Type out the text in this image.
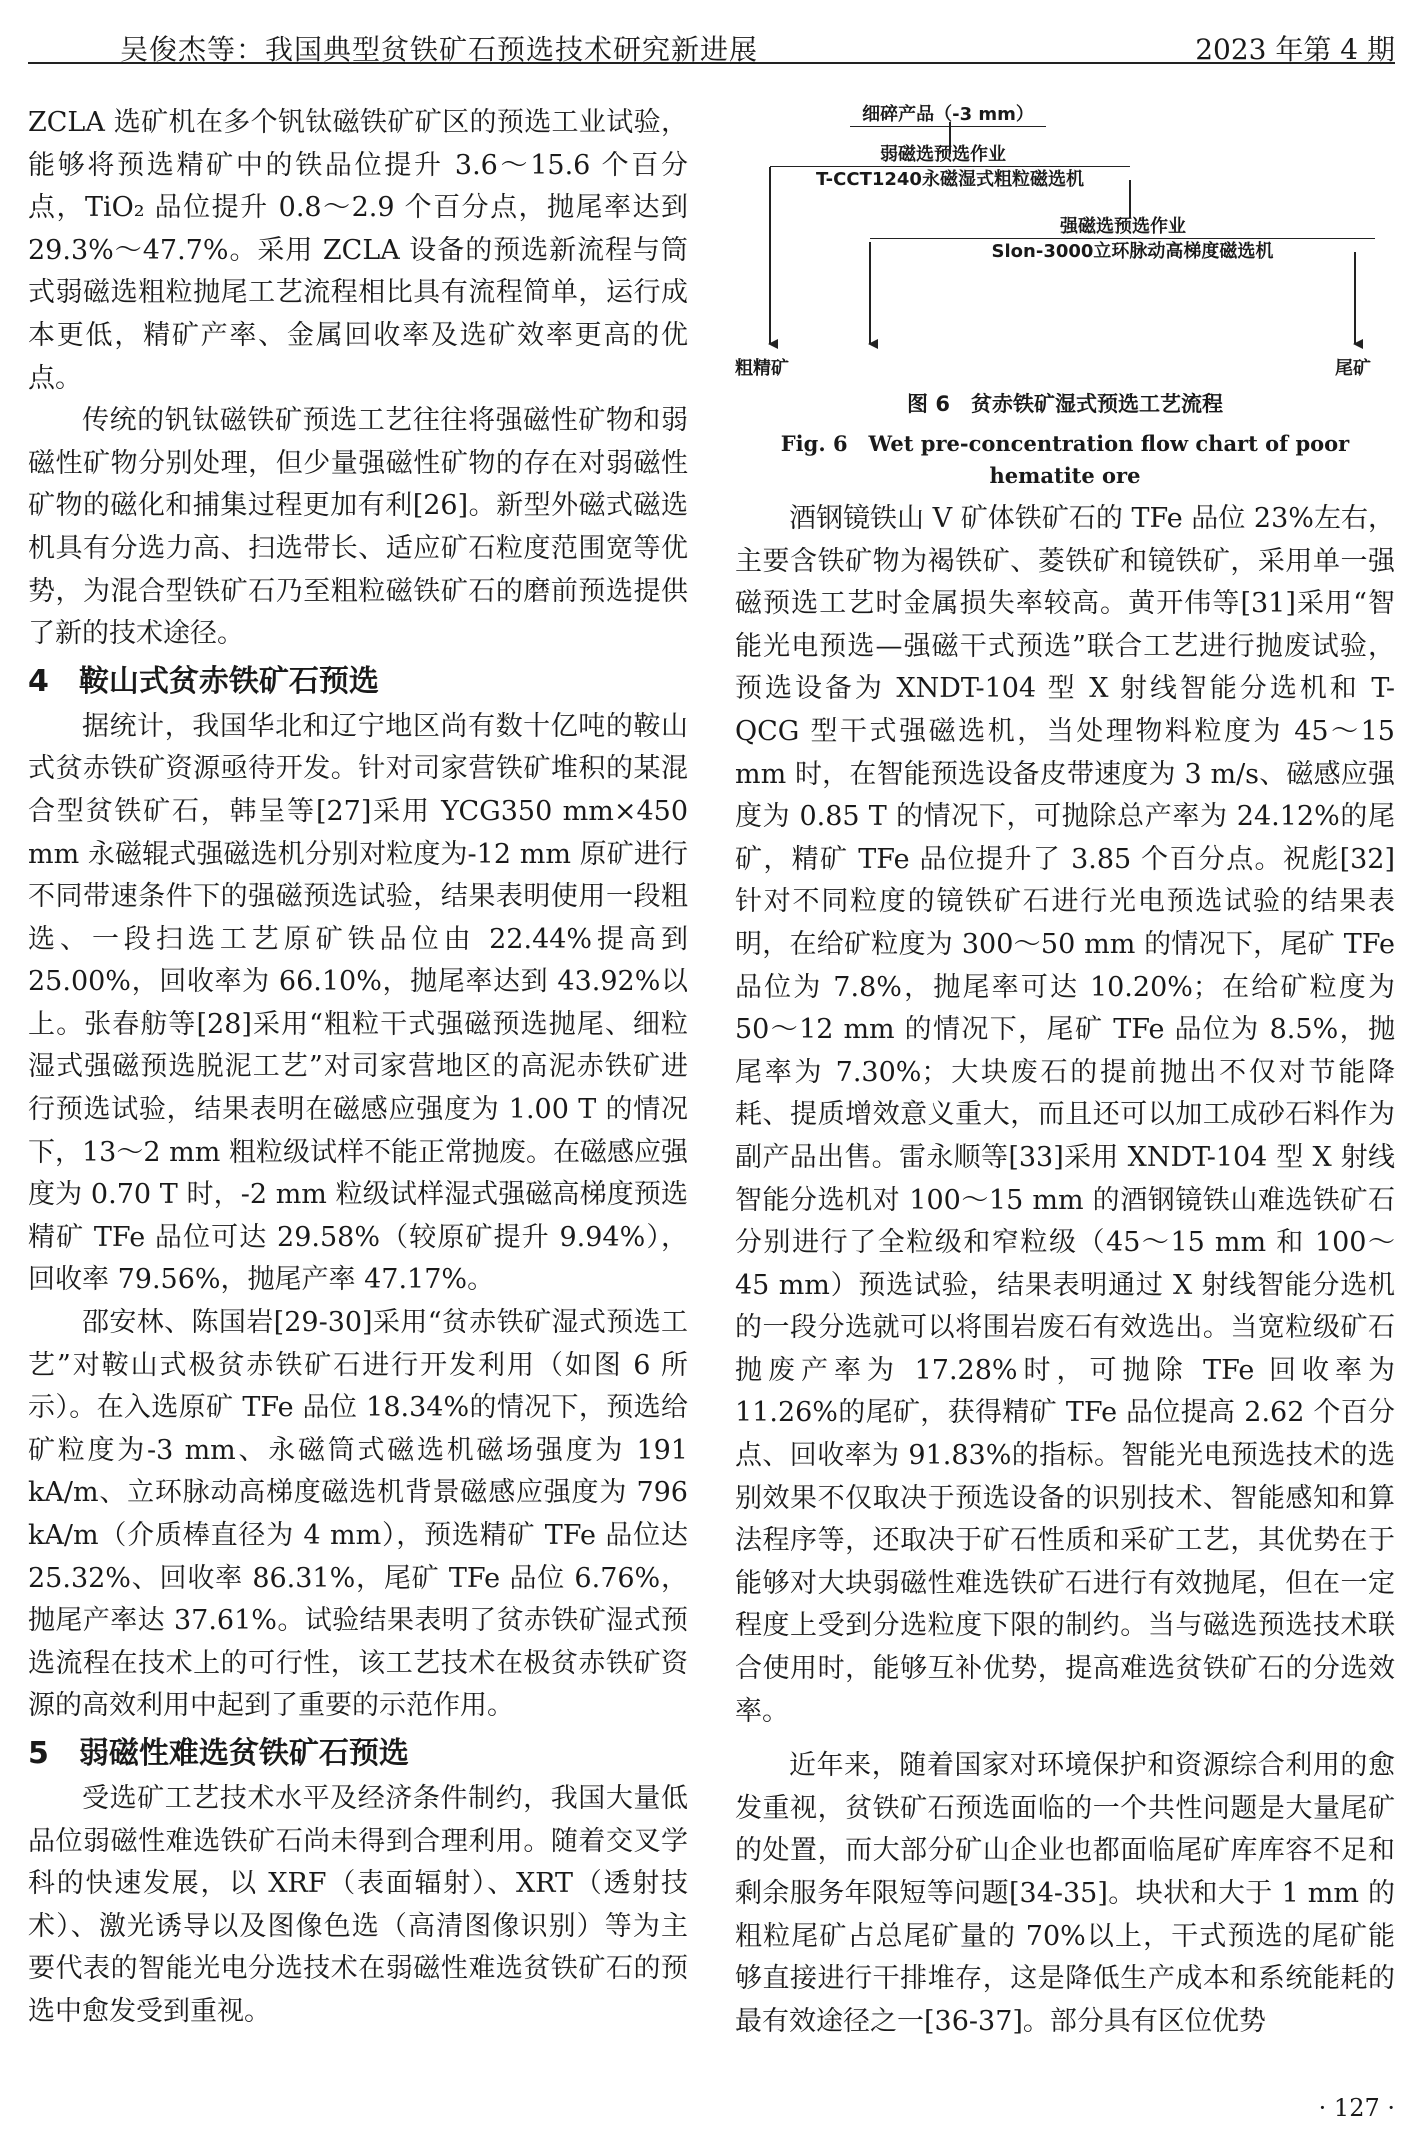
吴俊杰等：我国典型贫铁矿石预选技术研究新进展	2023 年第 4 期

ZCLA 选矿机在多个钒钛磁铁矿矿区的预选工业试验，能够将预选精矿中的铁品位提升 3.6～15.6 个百分点，TiO₂ 品位提升 0.8～2.9 个百分点，抛尾率达到 29.3%～47.7%。采用 ZCLA 设备的预选新流程与筒式弱磁选粗粒抛尾工艺流程相比具有流程简单，运行成本更低，精矿产率、金属回收率及选矿效率更高的优点。

传统的钒钛磁铁矿预选工艺往往将强磁性矿物和弱磁性矿物分别处理，但少量强磁性矿物的存在对弱磁性矿物的磁化和捕集过程更加有利[26]。新型外磁式磁选机具有分选力高、扫选带长、适应矿石粒度范围宽等优势，为混合型铁矿石乃至粗粒磁铁矿石的磨前预选提供了新的技术途径。

4　鞍山式贫赤铁矿石预选

据统计，我国华北和辽宁地区尚有数十亿吨的鞍山式贫赤铁矿资源亟待开发。针对司家营铁矿堆积的某混合型贫铁矿石，韩呈等[27]采用 YCG350 mm×450 mm 永磁辊式强磁选机分别对粒度为-12 mm 原矿进行不同带速条件下的强磁预选试验，结果表明使用一段粗选、一段扫选工艺原矿铁品位由 22.44%提高到 25.00%，回收率为 66.10%，抛尾率达到 43.92%以上。张春舫等[28]采用“粗粒干式强磁预选抛尾、细粒湿式强磁预选脱泥工艺”对司家营地区的高泥赤铁矿进行预选试验，结果表明在磁感应强度为 1.00 T 的情况下，13～2 mm 粗粒级试样不能正常抛废。在磁感应强度为 0.70 T 时，-2 mm 粒级试样湿式强磁高梯度预选精矿 TFe 品位可达 29.58%（较原矿提升 9.94%），回收率 79.56%，抛尾产率 47.17%。

邵安林、陈国岩[29-30]采用“贫赤铁矿湿式预选工艺”对鞍山式极贫赤铁矿石进行开发利用（如图 6 所示）。在入选原矿 TFe 品位 18.34%的情况下，预选给矿粒度为-3 mm、永磁筒式磁选机磁场强度为 191 kA/m、立环脉动高梯度磁选机背景磁感应强度为 796 kA/m（介质棒直径为 4 mm），预选精矿 TFe 品位达 25.32%、回收率 86.31%，尾矿 TFe 品位 6.76%，抛尾产率达 37.61%。试验结果表明了贫赤铁矿湿式预选流程在技术上的可行性，该工艺技术在极贫赤铁矿资源的高效利用中起到了重要的示范作用。

5　弱磁性难选贫铁矿石预选

受选矿工艺技术水平及经济条件制约，我国大量低品位弱磁性难选铁矿石尚未得到合理利用。随着交叉学科的快速发展，以 XRF（表面辐射）、XRT（透射技术）、激光诱导以及图像色选（高清图像识别）等为主要代表的智能光电分选技术在弱磁性难选贫铁矿石的预选中愈发受到重视。

细碎产品（-3 mm）
弱磁选预选作业
T-CCT1240永磁湿式粗粒磁选机
强磁选预选作业
Slon-3000立环脉动高梯度磁选机
粗精矿	尾矿
图 6　贫赤铁矿湿式预选工艺流程
Fig. 6　Wet pre-concentration flow chart of poor hematite ore

酒钢镜铁山 V 矿体铁矿石的 TFe 品位 23%左右，主要含铁矿物为褐铁矿、菱铁矿和镜铁矿，采用单一强磁预选工艺时金属损失率较高。黄开伟等[31]采用“智能光电预选—强磁干式预选”联合工艺进行抛废试验，预选设备为 XNDT-104 型 X 射线智能分选机和 T-QCG 型干式强磁选机，当处理物料粒度为 45～15 mm 时，在智能预选设备皮带速度为 3 m/s、磁感应强度为 0.85 T 的情况下，可抛除总产率为 24.12%的尾矿，精矿 TFe 品位提升了 3.85 个百分点。祝彪[32]针对不同粒度的镜铁矿石进行光电预选试验的结果表明，在给矿粒度为 300～50 mm 的情况下，尾矿 TFe 品位为 7.8%，抛尾率可达 10.20%；在给矿粒度为 50～12 mm 的情况下，尾矿 TFe 品位为 8.5%，抛尾率为 7.30%；大块废石的提前抛出不仅对节能降耗、提质增效意义重大，而且还可以加工成砂石料作为副产品出售。雷永顺等[33]采用 XNDT-104 型 X 射线智能分选机对 100～15 mm 的酒钢镜铁山难选铁矿石分别进行了全粒级和窄粒级（45～15 mm 和 100～45 mm）预选试验，结果表明通过 X 射线智能分选机的一段分选就可以将围岩废石有效选出。当宽粒级矿石抛废产率为 17.28%时，可抛除 TFe 回收率为 11.26%的尾矿，获得精矿 TFe 品位提高 2.62 个百分点、回收率为 91.83%的指标。智能光电预选技术的选别效果不仅取决于预选设备的识别技术、智能感知和算法程序等，还取决于矿石性质和采矿工艺，其优势在于能够对大块弱磁性难选铁矿石进行有效抛尾，但在一定程度上受到分选粒度下限的制约。当与磁选预选技术联合使用时，能够互补优势，提高难选贫铁矿石的分选效率。

近年来，随着国家对环境保护和资源综合利用的愈发重视，贫铁矿石预选面临的一个共性问题是大量尾矿的处置，而大部分矿山企业也都面临尾矿库库容不足和剩余服务年限短等问题[34-35]。块状和大于 1 mm 的粗粒尾矿占总尾矿量的 70%以上，干式预选的尾矿能够直接进行干排堆存，这是降低生产成本和系统能耗的最有效途径之一[36-37]。部分具有区位优势

· 127 ·
